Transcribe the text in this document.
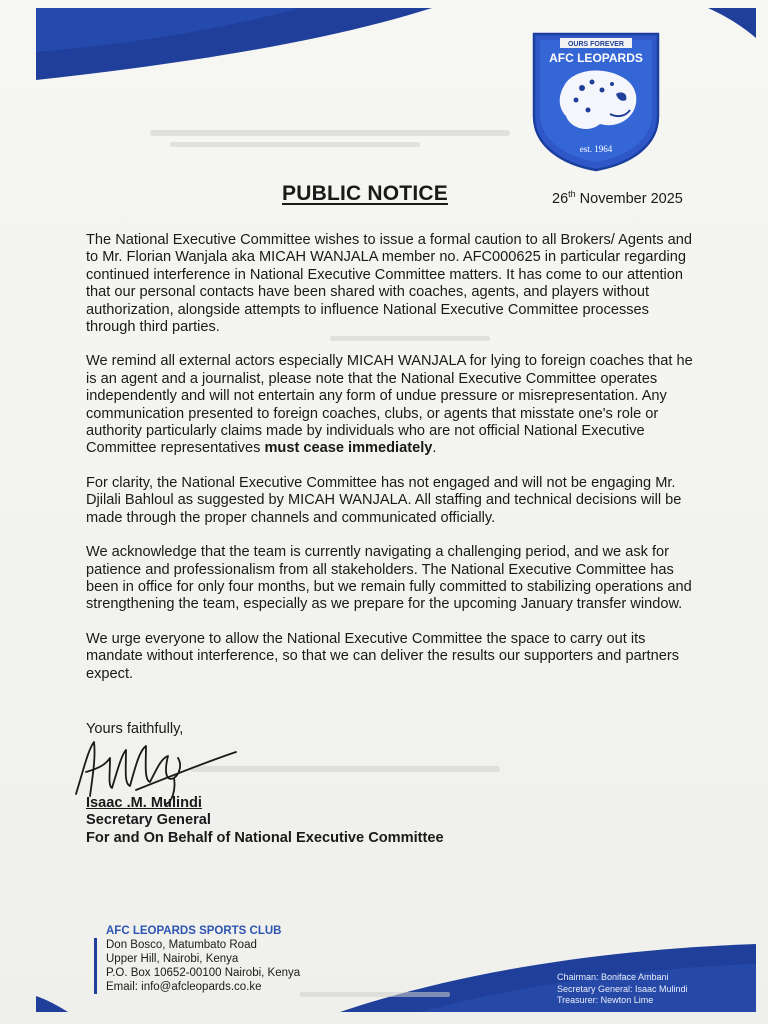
OURS FOREVER
AFC LEOPARDS
est. 1964
PUBLIC NOTICE	26th November 2025

The National Executive Committee wishes to issue a formal caution to all Brokers/ Agents and to Mr. Florian Wanjala aka MICAH WANJALA member no. AFC000625 in particular regarding continued interference in National Executive Committee matters. It has come to our attention that our personal contacts have been shared with coaches, agents, and players without authorization, alongside attempts to influence National Executive Committee processes through third parties.

We remind all external actors especially MICAH WANJALA for lying to foreign coaches that he is an agent and a journalist, please note that the National Executive Committee operates independently and will not entertain any form of undue pressure or misrepresentation. Any communication presented to foreign coaches, clubs, or agents that misstate one's role or authority particularly claims made by individuals who are not official National Executive Committee representatives must cease immediately.

For clarity, the National Executive Committee has not engaged and will not be engaging Mr. Djilali Bahloul as suggested by MICAH WANJALA. All staffing and technical decisions will be made through the proper channels and communicated officially.

We acknowledge that the team is currently navigating a challenging period, and we ask for patience and professionalism from all stakeholders. The National Executive Committee has been in office for only four months, but we remain fully committed to stabilizing operations and strengthening the team, especially as we prepare for the upcoming January transfer window.

We urge everyone to allow the National Executive Committee the space to carry out its mandate without interference, so that we can deliver the results our supporters and partners expect.

Yours faithfully,
Isaac .M. Mulindi
Secretary General
For and On Behalf of National Executive Committee
AFC LEOPARDS SPORTS CLUB
Don Bosco, Matumbato Road
Upper Hill, Nairobi, Kenya
P.O. Box 10652-00100 Nairobi, Kenya
Email: info@afcleopards.co.ke
Chairman: Boniface Ambani
Secretary General: Isaac Mulindi
Treasurer: Newton Lime
